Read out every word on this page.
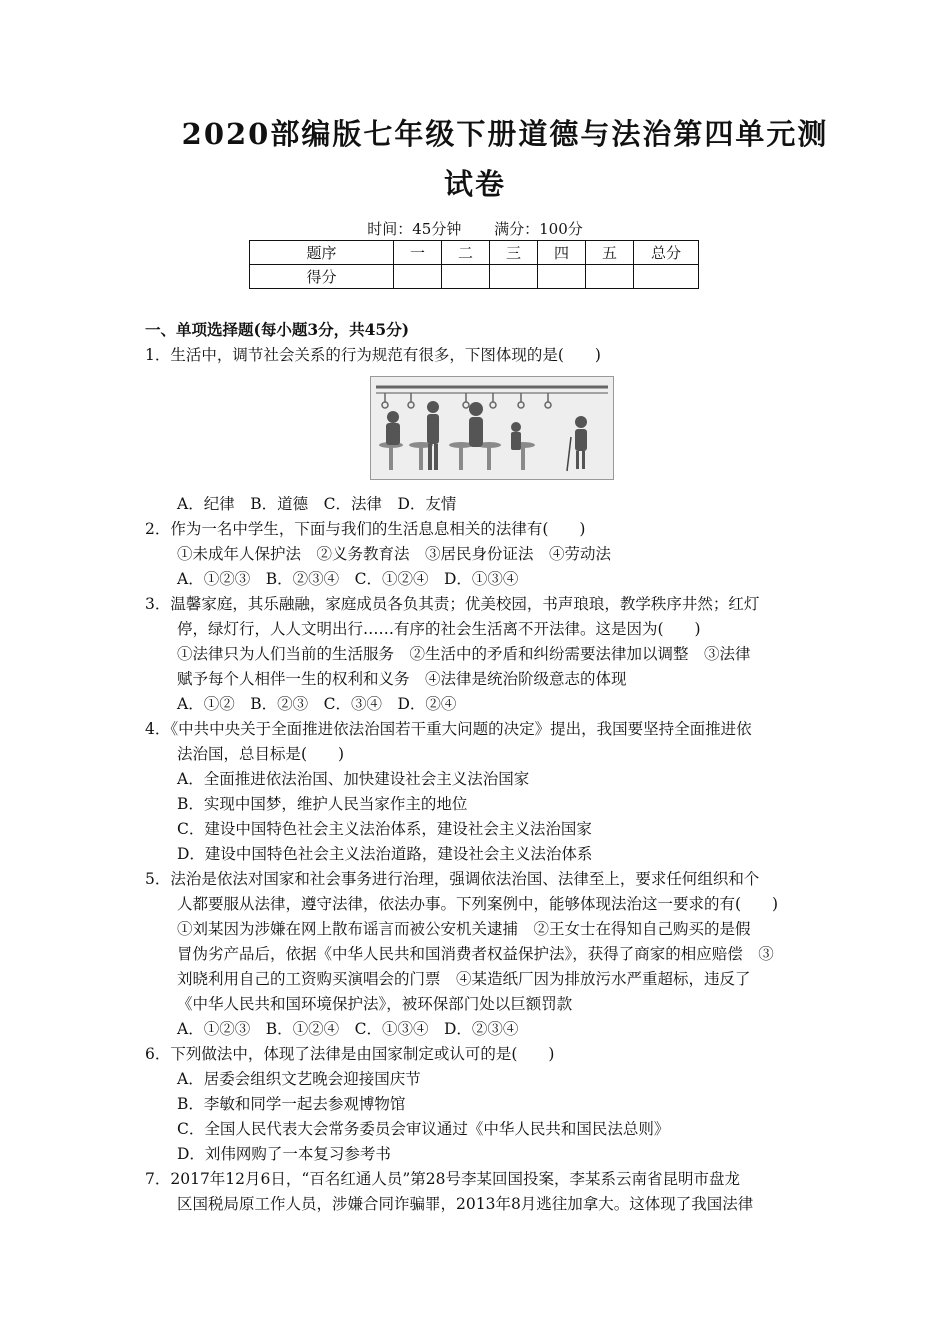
2020部编版七年级下册道德与法治第四单元测
试卷
时间：45分钟 满分：100分
题序	一	二	三	四	五	总分
得分						
一、单项选择题(每小题3分，共45分)
1．生活中，调节社会关系的行为规范有很多，下图体现的是(　　)
A．纪律　B．道德　C．法律　D．友情
2．作为一名中学生，下面与我们的生活息息相关的法律有(　　)
①未成年人保护法　②义务教育法　③居民身份证法　④劳动法
A．①②③　B．②③④　C．①②④　D．①③④
3．温馨家庭，其乐融融，家庭成员各负其责；优美校园，书声琅琅，教学秩序井然；红灯
停，绿灯行，人人文明出行……有序的社会生活离不开法律。这是因为(　　)
①法律只为人们当前的生活服务　②生活中的矛盾和纠纷需要法律加以调整　③法律
赋予每个人相伴一生的权利和义务　④法律是统治阶级意志的体现
A．①②　B．②③　C．③④　D．②④
4．《中共中央关于全面推进依法治国若干重大问题的决定》提出，我国要坚持全面推进依
法治国，总目标是(　　)
A．全面推进依法治国、加快建设社会主义法治国家
B．实现中国梦，维护人民当家作主的地位
C．建设中国特色社会主义法治体系，建设社会主义法治国家
D．建设中国特色社会主义法治道路，建设社会主义法治体系
5．法治是依法对国家和社会事务进行治理，强调依法治国、法律至上，要求任何组织和个
人都要服从法律，遵守法律，依法办事。下列案例中，能够体现法治这一要求的有(　　)
①刘某因为涉嫌在网上散布谣言而被公安机关逮捕　②王女士在得知自己购买的是假
冒伪劣产品后，依据《中华人民共和国消费者权益保护法》，获得了商家的相应赔偿　③
刘晓利用自己的工资购买演唱会的门票　④某造纸厂因为排放污水严重超标，违反了
《中华人民共和国环境保护法》，被环保部门处以巨额罚款
A．①②③　B．①②④　C．①③④　D．②③④
6．下列做法中，体现了法律是由国家制定或认可的是(　　)
A．居委会组织文艺晚会迎接国庆节
B．李敏和同学一起去参观博物馆
C．全国人民代表大会常务委员会审议通过《中华人民共和国民法总则》
D．刘伟网购了一本复习参考书
7．2017年12月6日，“百名红通人员”第28号李某回国投案，李某系云南省昆明市盘龙
区国税局原工作人员，涉嫌合同诈骗罪，2013年8月逃往加拿大。这体现了我国法律
